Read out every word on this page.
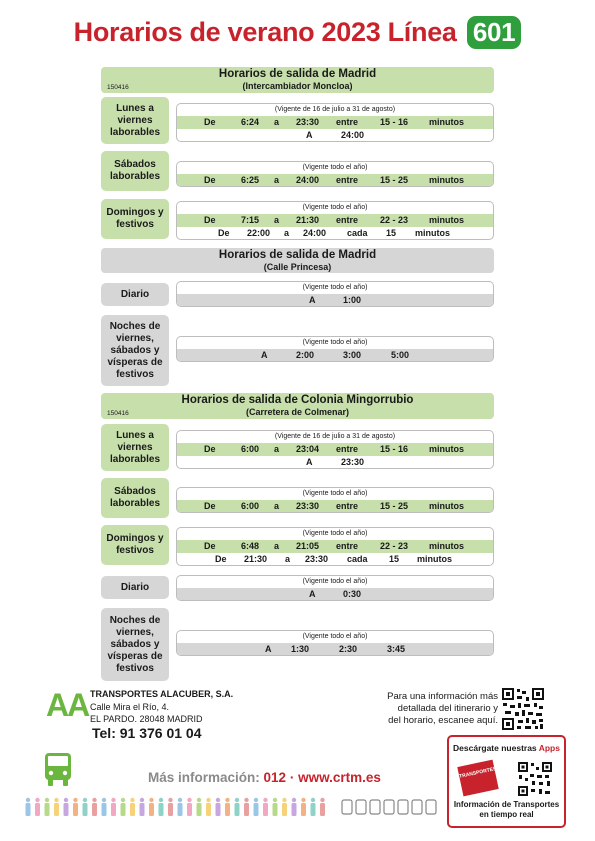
Horarios de verano 2023 Línea 601
Horarios de salida de Madrid
(Intercambiador Moncloa)
150416
Lunes a viernes laborables
(Vigente de 16 de julio a 31 de agosto)
De	6:24 a 23:30 entre 15 - 16 minutos
A	24:00
Sábados laborables
(Vigente todo el año)
De	6:25 a 24:00 entre 15 - 25 minutos
Domingos y festivos
(Vigente todo el año)
De	7:15 a 21:30 entre 22 - 23 minutos
De 22:00 a 24:00 cada 15 minutos
Horarios de salida de Madrid
(Calle Princesa)
Diario
(Vigente todo el año)
A	1:00
Noches de viernes, sábados y vísperas de festivos
(Vigente todo el año)
A	2:00	3:00	5:00
Horarios de salida de Colonia Mingorrubio
(Carretera de Colmenar)
150416
Lunes a viernes laborables
(Vigente de 16 de julio a 31 de agosto)
De	6:00 a 23:04 entre 15 - 16 minutos
A	23:30
Sábados laborables
(Vigente todo el año)
De	6:00 a 23:30 entre 15 - 25 minutos
Domingos y festivos
(Vigente todo el año)
De	6:48 a 21:05 entre 22 - 23 minutos
De 21:30 a 23:30 cada 15 minutos
Diario	(Vigente todo el año)
A	0:30
Noches de viernes, sábados y vísperas de festivos
(Vigente todo el año)
A 1:30	2:30	3:45
AA TRANSPORTES ALACUBER, S.A.
Calle Mira el Río, 4.
EL PARDO. 28048 MADRID
Tel: 91 376 01 04
Para una información más
detallada del itinerario y
del horario, escanee aquí.
Descárgate nuestras Apps
TRANSPORTES
Información de Transportes
en tiempo real
Más información: 012 · www.crtm.es
